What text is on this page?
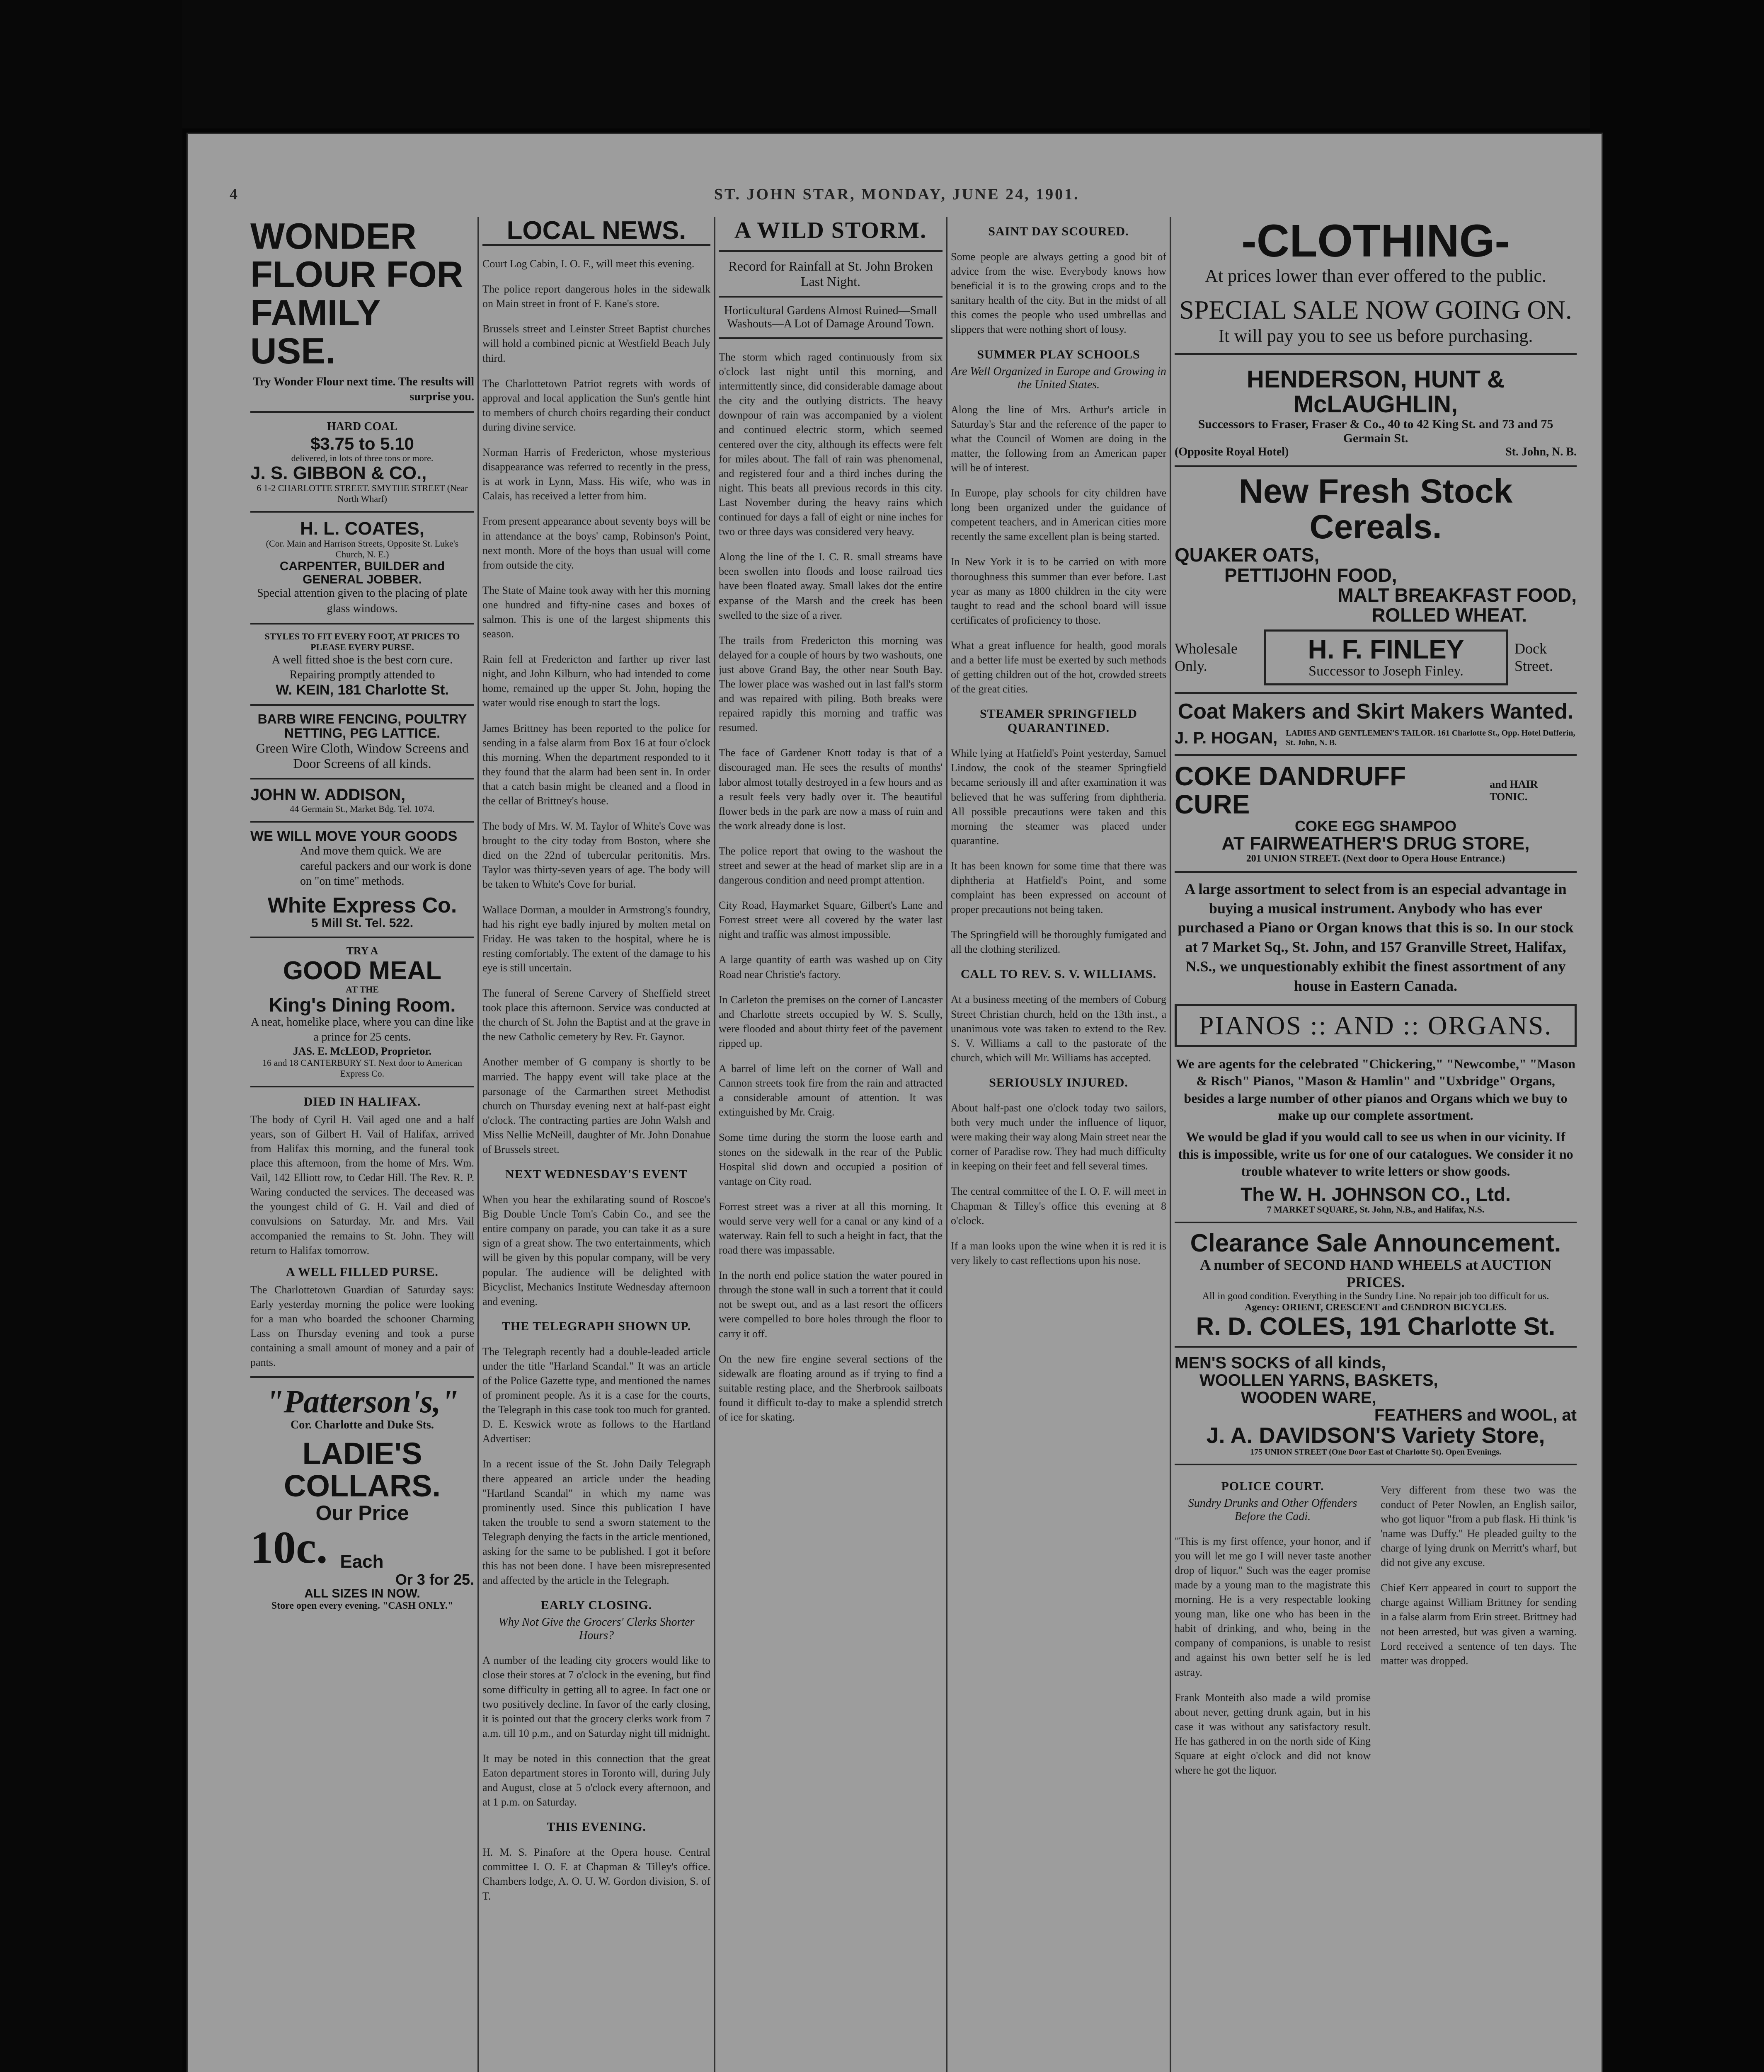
4	ST. JOHN STAR, MONDAY, JUNE 24, 1901.

WONDER FLOUR FOR FAMILY USE.
Try Wonder Flour next time. The results will surprise you.
HARD COAL
$3.75 to 5.10
delivered, in lots of three tons or more.
J. S. GIBBON & CO.,
6 1-2 CHARLOTTE STREET. SMYTHE STREET (Near North Wharf)
H. L. COATES,
(Cor. Main and Harrison Streets, Opposite St. Luke's Church, N. E.)
CARPENTER, BUILDER and GENERAL JOBBER.
Special attention given to the placing of plate glass windows.
STYLES TO FIT EVERY FOOT, AT PRICES TO PLEASE EVERY PURSE.
A well fitted shoe is the best corn cure. Repairing promptly attended to
W. KEIN, 181 Charlotte St.
BARB WIRE FENCING, POULTRY NETTING, PEG LATTICE.
Green Wire Cloth, Window Screens and Door Screens of all kinds.
JOHN W. ADDISON,
44 Germain St., Market Bdg. Tel. 1074.
WE WILL MOVE YOUR GOODS
And move them quick. We are careful packers and our work is done on "on time" methods.
White Express Co.
5 Mill St. Tel. 522.
TRY A
GOOD MEAL
AT THE
King's Dining Room.
A neat, homelike place, where you can dine like a prince for 25 cents.
JAS. E. McLEOD, Proprietor.
16 and 18 CANTERBURY ST. Next door to American Express Co.
DIED IN HALIFAX.
The body of Cyril H. Vail aged one and a half years, son of Gilbert H. Vail of Halifax, arrived from Halifax this morning, and the funeral took place this afternoon, from the home of Mrs. Wm. Vail, 142 Elliott row, to Cedar Hill. The Rev. R. P. Waring conducted the services. The deceased was the youngest child of G. H. Vail and died of convulsions on Saturday. Mr. and Mrs. Vail accompanied the remains to St. John. They will return to Halifax tomorrow.
A WELL FILLED PURSE.
The Charlottetown Guardian of Saturday says: Early yesterday morning the police were looking for a man who boarded the schooner Charming Lass on Thursday evening and took a purse containing a small amount of money and a pair of pants.
"Patterson's,"
Cor. Charlotte and Duke Sts.
LADIE'S COLLARS.
Our Price
10c. Each
Or 3 for 25.
ALL SIZES IN NOW.
Store open every evening. "CASH ONLY."
LOCAL NEWS.

Court Log Cabin, I. O. F., will meet this evening.

The police report dangerous holes in the sidewalk on Main street in front of F. Kane's store.

Brussels street and Leinster Street Baptist churches will hold a combined picnic at Westfield Beach July third.

The Charlottetown Patriot regrets with words of approval and local application the Sun's gentle hint to members of church choirs regarding their conduct during divine service.

Norman Harris of Fredericton, whose mysterious disappearance was referred to recently in the press, is at work in Lynn, Mass. His wife, who was in Calais, has received a letter from him.

From present appearance about seventy boys will be in attendance at the boys' camp, Robinson's Point, next month. More of the boys than usual will come from outside the city.

The State of Maine took away with her this morning one hundred and fifty-nine cases and boxes of salmon. This is one of the largest shipments this season.

Rain fell at Fredericton and farther up river last night, and John Kilburn, who had intended to come home, remained up the upper St. John, hoping the water would rise enough to start the logs.

James Brittney has been reported to the police for sending in a false alarm from Box 16 at four o'clock this morning. When the department responded to it they found that the alarm had been sent in. In order that a catch basin might be cleaned and a flood in the cellar of Brittney's house.

The body of Mrs. W. M. Taylor of White's Cove was brought to the city today from Boston, where she died on the 22nd of tubercular peritonitis. Mrs. Taylor was thirty-seven years of age. The body will be taken to White's Cove for burial.

Wallace Dorman, a moulder in Armstrong's foundry, had his right eye badly injured by molten metal on Friday. He was taken to the hospital, where he is resting comfortably. The extent of the damage to his eye is still uncertain.

The funeral of Serene Carvery of Sheffield street took place this afternoon. Service was conducted at the church of St. John the Baptist and at the grave in the new Catholic cemetery by Rev. Fr. Gaynor.

Another member of G company is shortly to be married. The happy event will take place at the parsonage of the Carmarthen street Methodist church on Thursday evening next at half-past eight o'clock. The contracting parties are John Walsh and Miss Nellie McNeill, daughter of Mr. John Donahue of Brussels street.

NEXT WEDNESDAY'S EVENT

When you hear the exhilarating sound of Roscoe's Big Double Uncle Tom's Cabin Co., and see the entire company on parade, you can take it as a sure sign of a great show. The two entertainments, which will be given by this popular company, will be very popular. The audience will be delighted with Bicyclist, Mechanics Institute Wednesday afternoon and evening.

THE TELEGRAPH SHOWN UP.

The Telegraph recently had a double-leaded article under the title "Harland Scandal." It was an article of the Police Gazette type, and mentioned the names of prominent people. As it is a case for the courts, the Telegraph in this case took too much for granted. D. E. Keswick wrote as follows to the Hartland Advertiser:

In a recent issue of the St. John Daily Telegraph there appeared an article under the heading "Hartland Scandal" in which my name was prominently used. Since this publication I have taken the trouble to send a sworn statement to the Telegraph denying the facts in the article mentioned, asking for the same to be published. I got it before this has not been done. I have been misrepresented and affected by the article in the Telegraph.

EARLY CLOSING.
Why Not Give the Grocers' Clerks Shorter Hours?

A number of the leading city grocers would like to close their stores at 7 o'clock in the evening, but find some difficulty in getting all to agree. In fact one or two positively decline. In favor of the early closing, it is pointed out that the grocery clerks work from 7 a.m. till 10 p.m., and on Saturday night till midnight.

It may be noted in this connection that the great Eaton department stores in Toronto will, during July and August, close at 5 o'clock every afternoon, and at 1 p.m. on Saturday.

THIS EVENING.

H. M. S. Pinafore at the Opera house. Central committee I. O. F. at Chapman & Tilley's office. Chambers lodge, A. O. U. W. Gordon division, S. of T.

A WILD STORM.
Record for Rainfall at St. John Broken Last Night.
Horticultural Gardens Almost Ruined—Small Washouts—A Lot of Damage Around Town.

The storm which raged continuously from six o'clock last night until this morning, and intermittently since, did considerable damage about the city and the outlying districts. The heavy downpour of rain was accompanied by a violent and continued electric storm, which seemed centered over the city, although its effects were felt for miles about. The fall of rain was phenomenal, and registered four and a third inches during the night. This beats all previous records in this city. Last November during the heavy rains which continued for days a fall of eight or nine inches for two or three days was considered very heavy.

Along the line of the I. C. R. small streams have been swollen into floods and loose railroad ties have been floated away. Small lakes dot the entire expanse of the Marsh and the creek has been swelled to the size of a river.

The trails from Fredericton this morning was delayed for a couple of hours by two washouts, one just above Grand Bay, the other near South Bay. The lower place was washed out in last fall's storm and was repaired with piling. Both breaks were repaired rapidly this morning and traffic was resumed.

The face of Gardener Knott today is that of a discouraged man. He sees the results of months' labor almost totally destroyed in a few hours and as a result feels very badly over it. The beautiful flower beds in the park are now a mass of ruin and the work already done is lost.

The police report that owing to the washout the street and sewer at the head of market slip are in a dangerous condition and need prompt attention.

City Road, Haymarket Square, Gilbert's Lane and Forrest street were all covered by the water last night and traffic was almost impossible.

A large quantity of earth was washed up on City Road near Christie's factory.

In Carleton the premises on the corner of Lancaster and Charlotte streets occupied by W. S. Scully, were flooded and about thirty feet of the pavement ripped up.

A barrel of lime left on the corner of Wall and Cannon streets took fire from the rain and attracted a considerable amount of attention. It was extinguished by Mr. Craig.

Some time during the storm the loose earth and stones on the sidewalk in the rear of the Public Hospital slid down and occupied a position of vantage on City road.

Forrest street was a river at all this morning. It would serve very well for a canal or any kind of a waterway. Rain fell to such a height in fact, that the road there was impassable.

In the north end police station the water poured in through the stone wall in such a torrent that it could not be swept out, and as a last resort the officers were compelled to bore holes through the floor to carry it off.

On the new fire engine several sections of the sidewalk are floating around as if trying to find a suitable resting place, and the Sherbrook sailboats found it difficult to-day to make a splendid stretch of ice for skating.

SAINT DAY SCOURED.

Some people are always getting a good bit of advice from the wise. Everybody knows how beneficial it is to the growing crops and to the sanitary health of the city. But in the midst of all this comes the people who used umbrellas and slippers that were nothing short of lousy.

SUMMER PLAY SCHOOLS
Are Well Organized in Europe and Growing in the United States.

Along the line of Mrs. Arthur's article in Saturday's Star and the reference of the paper to what the Council of Women are doing in the matter, the following from an American paper will be of interest.

In Europe, play schools for city children have long been organized under the guidance of competent teachers, and in American cities more recently the same excellent plan is being started.

In New York it is to be carried on with more thoroughness this summer than ever before. Last year as many as 1800 children in the city were taught to read and the school board will issue certificates of proficiency to those.

What a great influence for health, good morals and a better life must be exerted by such methods of getting children out of the hot, crowded streets of the great cities.

STEAMER SPRINGFIELD QUARANTINED.

While lying at Hatfield's Point yesterday, Samuel Lindow, the cook of the steamer Springfield became seriously ill and after examination it was believed that he was suffering from diphtheria. All possible precautions were taken and this morning the steamer was placed under quarantine.

It has been known for some time that there was diphtheria at Hatfield's Point, and some complaint has been expressed on account of proper precautions not being taken.

The Springfield will be thoroughly fumigated and all the clothing sterilized.

CALL TO REV. S. V. WILLIAMS.

At a business meeting of the members of Coburg Street Christian church, held on the 13th inst., a unanimous vote was taken to extend to the Rev. S. V. Williams a call to the pastorate of the church, which will Mr. Williams has accepted.

SERIOUSLY INJURED.

About half-past one o'clock today two sailors, both very much under the influence of liquor, were making their way along Main street near the corner of Paradise row. They had much difficulty in keeping on their feet and fell several times.

The central committee of the I. O. F. will meet in Chapman & Tilley's office this evening at 8 o'clock.

If a man looks upon the wine when it is red it is very likely to cast reflections upon his nose.

-CLOTHING-
At prices lower than ever offered to the public.
SPECIAL SALE NOW GOING ON.
It will pay you to see us before purchasing.
HENDERSON, HUNT & McLAUGHLIN,
Successors to Fraser, Fraser & Co., 40 to 42 King St. and 73 and 75 Germain St.
(Opposite Royal Hotel)	St. John, N. B.
New Fresh Stock Cereals.
QUAKER OATS,
PETTIJOHN FOOD,
MALT BREAKFAST FOOD,
ROLLED WHEAT.
Wholesale Only.
H. F. FINLEY
Successor to Joseph Finley.
Dock Street.
Coat Makers and Skirt Makers Wanted.
J. P. HOGAN, LADIES AND GENTLEMEN'S TAILOR. 161 Charlotte St., Opp. Hotel Dufferin, St. John, N. B.
COKE DANDRUFF CURE
and HAIR TONIC.
COKE EGG SHAMPOO
AT FAIRWEATHER'S DRUG STORE,
201 UNION STREET. (Next door to Opera House Entrance.)
A large assortment to select from is an especial advantage in buying a musical instrument. Anybody who has ever purchased a Piano or Organ knows that this is so. In our stock at 7 Market Sq., St. John, and 157 Granville Street, Halifax, N.S., we unquestionably exhibit the finest assortment of any house in Eastern Canada.
PIANOS :: AND :: ORGANS.
We are agents for the celebrated "Chickering," "Newcombe," "Mason & Risch" Pianos, "Mason & Hamlin" and "Uxbridge" Organs, besides a large number of other pianos and Organs which we buy to make up our complete assortment.
We would be glad if you would call to see us when in our vicinity. If this is impossible, write us for one of our catalogues. We consider it no trouble whatever to write letters or show goods.
The W. H. JOHNSON CO., Ltd.
7 MARKET SQUARE, St. John, N.B., and Halifax, N.S.
Clearance Sale Announcement.
A number of SECOND HAND WHEELS at AUCTION PRICES.
All in good condition. Everything in the Sundry Line. No repair job too difficult for us.
Agency: ORIENT, CRESCENT and CENDRON BICYCLES.
R. D. COLES, 191 Charlotte St.
MEN'S SOCKS of all kinds,
WOOLLEN YARNS, BASKETS,
WOODEN WARE,
FEATHERS and WOOL, at
J. A. DAVIDSON'S Variety Store,
175 UNION STREET (One Door East of Charlotte St). Open Evenings.
POLICE COURT.
Sundry Drunks and Other Offenders Before the Cadi.

"This is my first offence, your honor, and if you will let me go I will never taste another drop of liquor." Such was the eager promise made by a young man to the magistrate this morning. He is a very respectable looking young man, like one who has been in the habit of drinking, and who, being in the company of companions, is unable to resist and against his own better self he is led astray.

Frank Monteith also made a wild promise about never, getting drunk again, but in his case it was without any satisfactory result. He has gathered in on the north side of King Square at eight o'clock and did not know where he got the liquor.

Very different from these two was the conduct of Peter Nowlen, an English sailor, who got liquor "from a pub flask. Hi think 'is 'name was Duffy." He pleaded guilty to the charge of lying drunk on Merritt's wharf, but did not give any excuse.

Chief Kerr appeared in court to support the charge against William Brittney for sending in a false alarm from Erin street. Brittney had not been arrested, but was given a warning. Lord received a sentence of ten days. The matter was dropped.
